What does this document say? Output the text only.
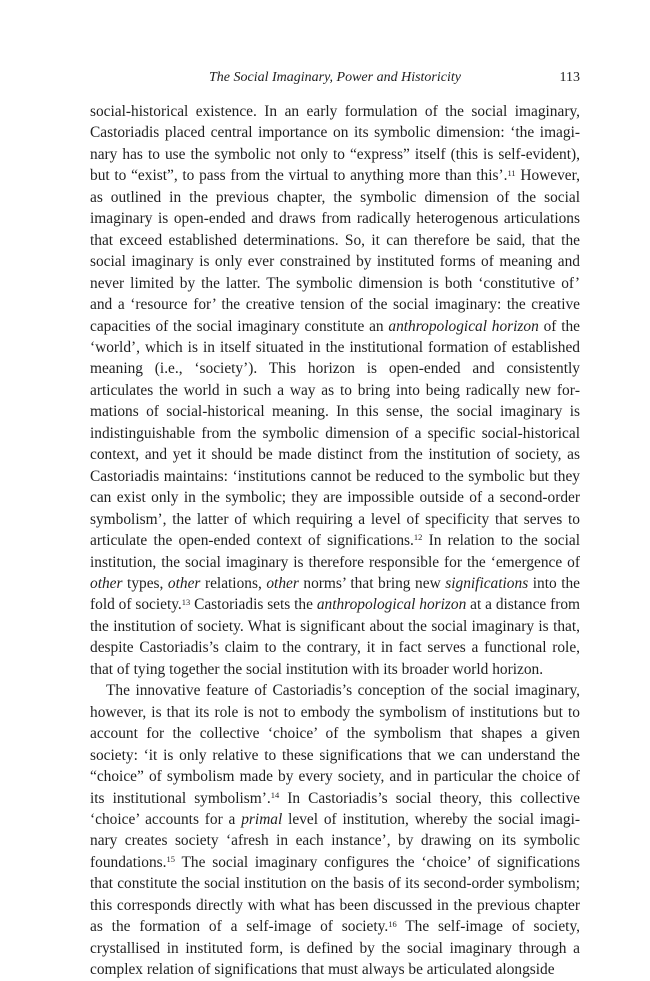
The Social Imaginary, Power and Historicity	113

social-historical existence. In an early formulation of the social imaginary, Castoriadis placed central importance on its symbolic dimension: ‘the imaginary has to use the symbolic not only to “express” itself (this is self-evident), but to “exist”, to pass from the virtual to anything more than this’.$^{11}$ However, as outlined in the previous chapter, the symbolic dimension of the social imaginary is open-ended and draws from radically heterogenous articulations that exceed established determinations. So, it can therefore be said, that the social imaginary is only ever constrained by instituted forms of meaning and never limited by the latter. The symbolic dimension is both ‘constitutive of’ and a ‘resource for’ the creative tension of the social imaginary: the creative capacities of the social imaginary constitute an anthropological horizon of the ‘world’, which is in itself situated in the institutional formation of established meaning (i.e., ‘society’). This horizon is open-ended and consistently articulates the world in such a way as to bring into being radically new formations of social-historical meaning. In this sense, the social imaginary is indistinguishable from the symbolic dimension of a specific social-historical context, and yet it should be made distinct from the institution of society, as Castoriadis maintains: ‘institutions cannot be reduced to the symbolic but they can exist only in the symbolic; they are impossible outside of a second-order symbolism’, the latter of which requiring a level of specificity that serves to articulate the open-ended context of significations.$^{12}$ In relation to the social institution, the social imaginary is therefore responsible for the ‘emergence of other types, other relations, other norms’ that bring new significations into the fold of society.$^{13}$ Castoriadis sets the anthropological horizon at a distance from the institution of society. What is significant about the social imaginary is that, despite Castoriadis’s claim to the contrary, it in fact serves a functional role, that of tying together the social institution with its broader world horizon.

The innovative feature of Castoriadis’s conception of the social imaginary, however, is that its role is not to embody the symbolism of institutions but to account for the collective ‘choice’ of the symbolism that shapes a given society: ‘it is only relative to these significations that we can understand the “choice” of symbolism made by every society, and in particular the choice of its institutional symbolism’.$^{14}$ In Castoriadis’s social theory, this collective ‘choice’ accounts for a primal level of institution, whereby the social imaginary creates society ‘afresh in each instance’, by drawing on its symbolic foundations.$^{15}$ The social imaginary configures the ‘choice’ of significations that constitute the social institution on the basis of its second-order symbolism; this corresponds directly with what has been discussed in the previous chapter as the formation of a self-image of society.$^{16}$ The self-image of society, crystallised in instituted form, is defined by the social imaginary through a complex relation of significations that must always be articulated alongside
